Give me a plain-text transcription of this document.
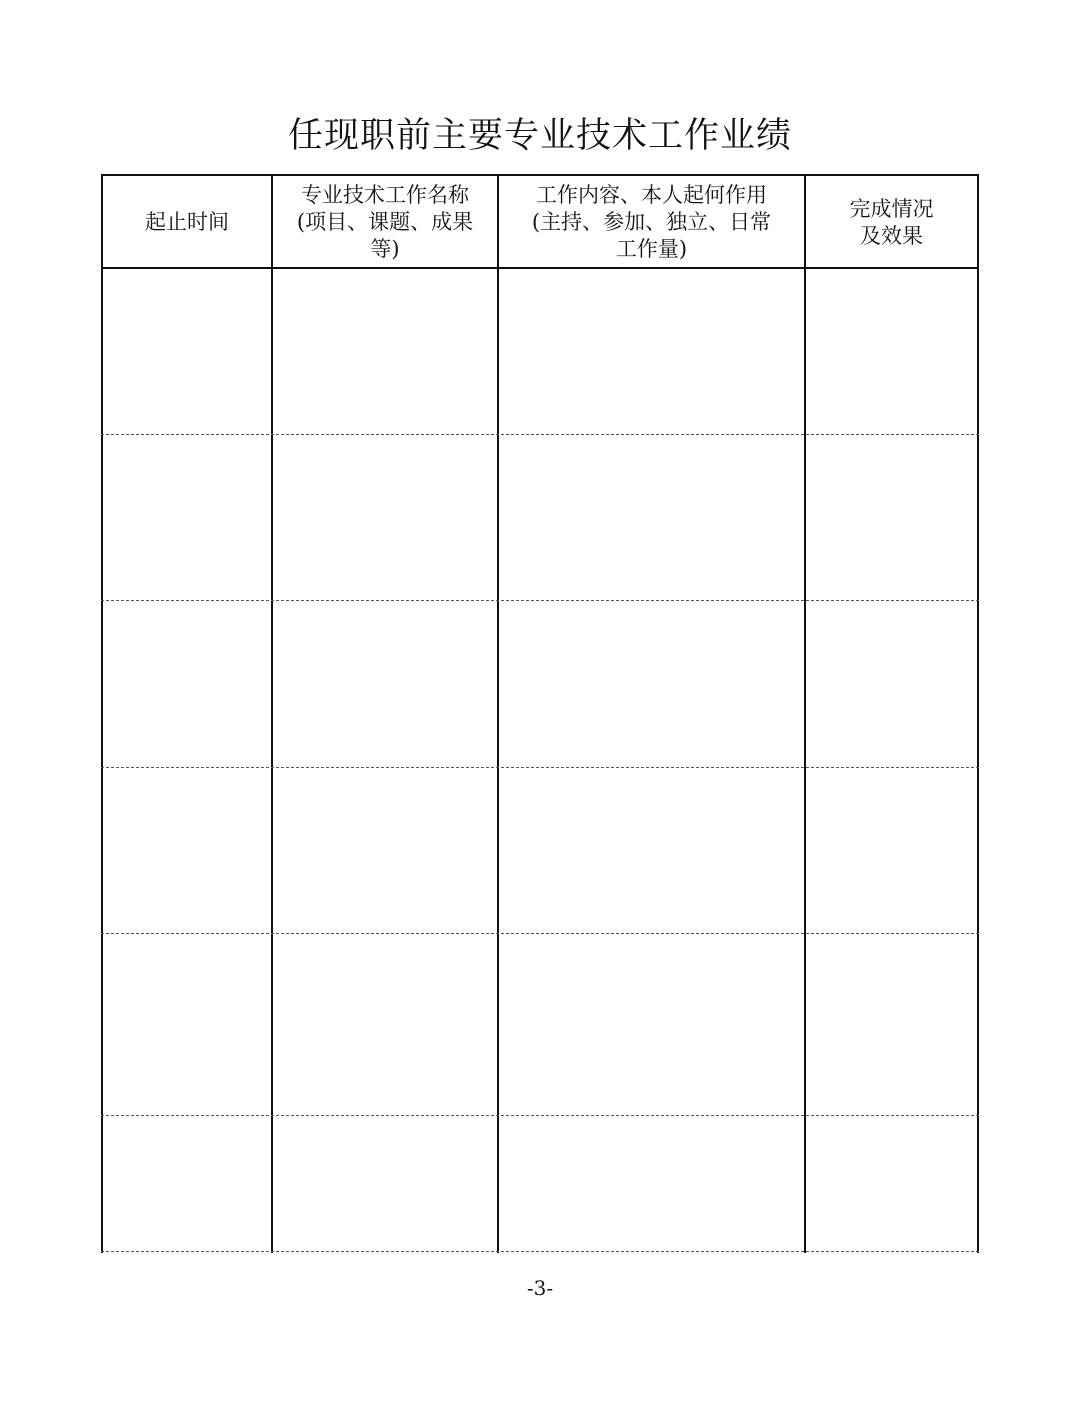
任现职前主要专业技术工作业绩
起止时间
专业技术工作名称
(项目、课题、成果
等)
工作内容、本人起何作用
(主持、参加、独立、日常
工作量)
完成情况
及效果
-3-
